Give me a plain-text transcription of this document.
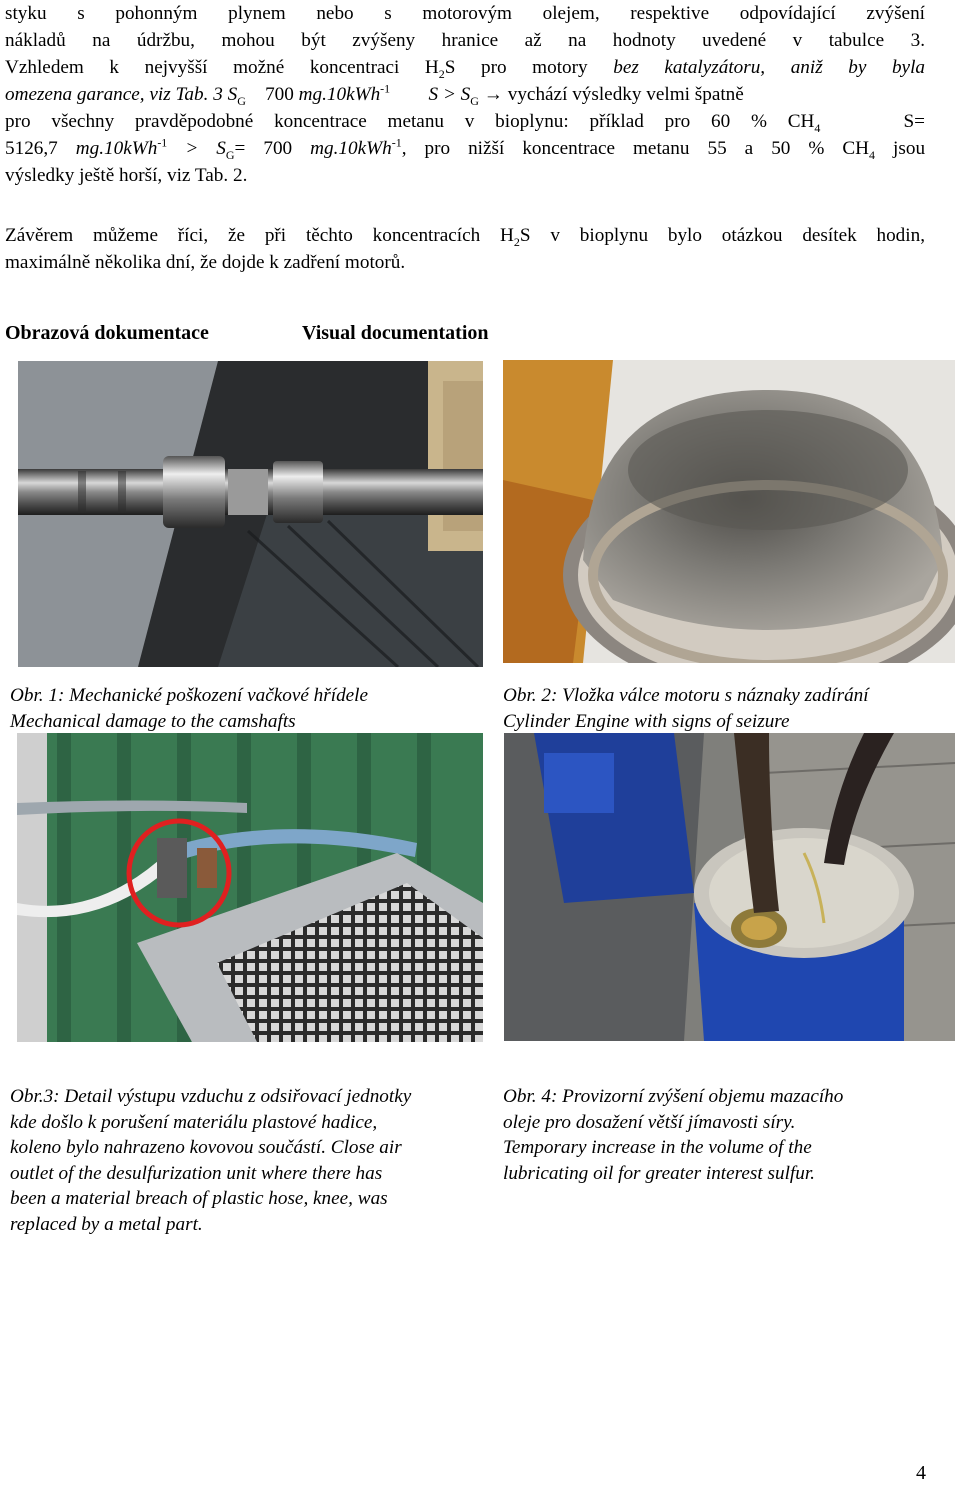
styku s pohonným plynem nebo s motorovým olejem, respektive odpovídající zvýšení
nákladů na údržbu, mohou být zvýšeny hranice až na hodnoty uvedené v tabulce 3.
Vzhledem k nejvyšší možné koncentraci $H_2S$ pro motory bez katalyzátoru, aniž by byla
omezena garance, viz Tab. 3 $S_G$ 700 mg.10kWh$^{-1}$ $S > S_G$ → vychází výsledky velmi špatně
pro všechny pravděpodobné koncentrace metanu v bioplynu: příklad pro 60 % $CH_4$	S=
5126,7 $mg.10kWh^{-1} > S_G= 700$ mg.10kWh$^{-1}$, pro nižší koncentrace metanu 55 a 50 % $CH_4$ jsou
výsledky ještě horší, viz Tab. 2.
Závěrem můžeme říci, že při těchto koncentracích $H_2S$ v bioplynu bylo otázkou desítek hodin,
maximálně několika dní, že dojde k zadření motorů.
Obrazová dokumentace	Visual documentation
Obr. 1: Mechanické poškození vačkové hřídele
Mechanical damage to the camshafts
Obr. 2: Vložka válce motoru s náznaky zadírání
Cylinder Engine with signs of seizure
Obr.3: Detail výstupu vzduchu z odsiřovací jednotky
kde došlo k porušení materiálu plastové hadice,
koleno bylo nahrazeno kovovou součástí. Close air
outlet of the desulfurization unit where there has
been a material breach of plastic hose, knee, was
replaced by a metal part.
Obr. 4: Provizorní zvýšení objemu mazacího
oleje pro dosažení větší jímavosti síry.
Temporary increase in the volume of the
lubricating oil for greater interest sulfur.
4
